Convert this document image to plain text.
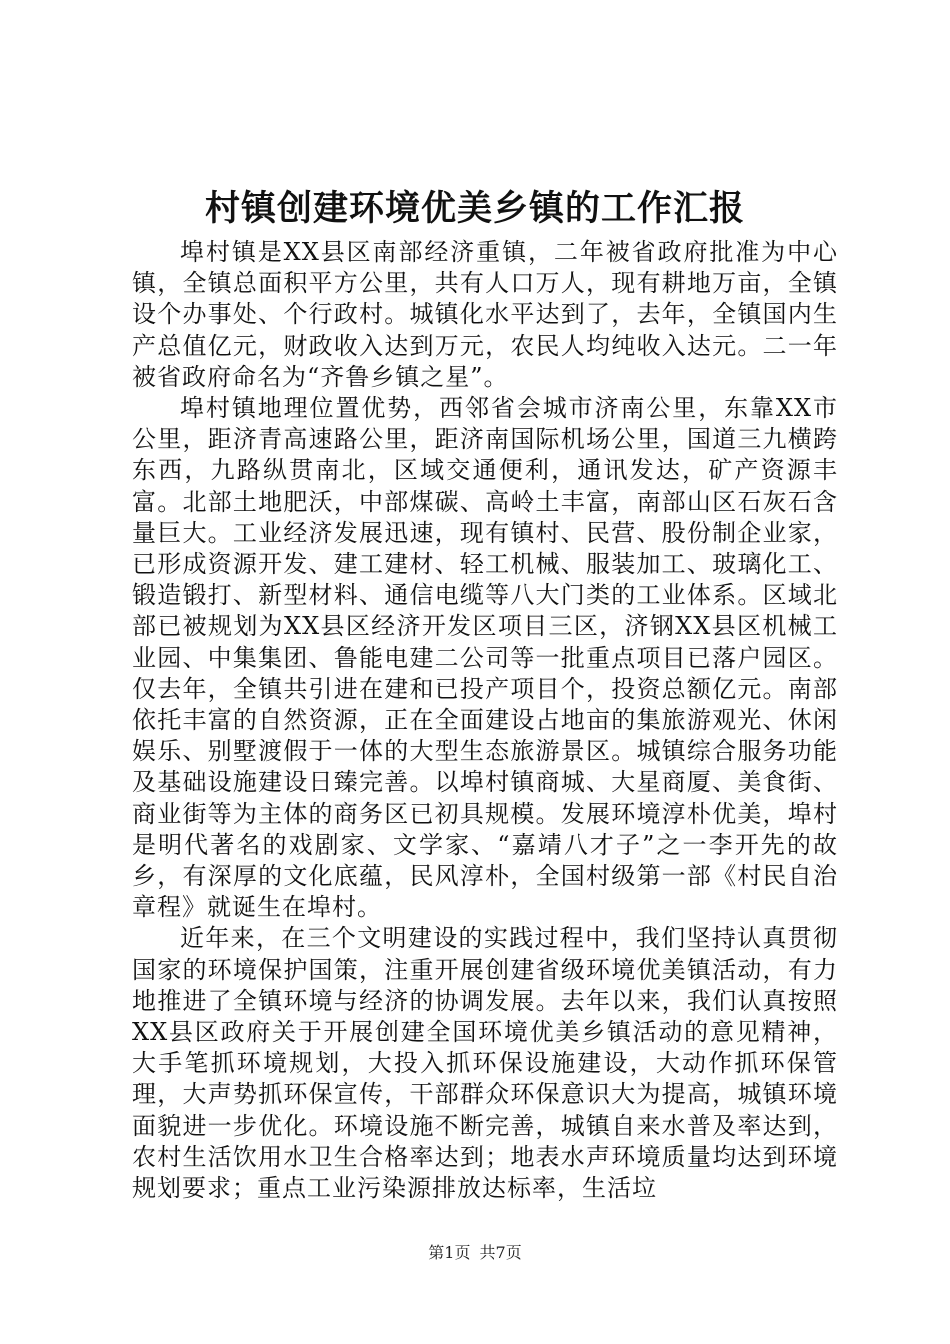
村镇创建环境优美乡镇的工作汇报

埠村镇是XX县区南部经济重镇，二年被省政府批准为中心镇，全镇总面积平方公里，共有人口万人，现有耕地万亩，全镇设个办事处、个行政村。城镇化水平达到了，去年，全镇国内生产总值亿元，财政收入达到万元，农民人均纯收入达元。二一年被省政府命名为“齐鲁乡镇之星”。

埠村镇地理位置优势，西邻省会城市济南公里，东靠XX市公里，距济青高速路公里，距济南国际机场公里，国道三九横跨东西，九路纵贯南北，区域交通便利，通讯发达，矿产资源丰富。北部土地肥沃，中部煤碳、高岭土丰富，南部山区石灰石含量巨大。工业经济发展迅速，现有镇村、民营、股份制企业家，已形成资源开发、建工建材、轻工机械、服装加工、玻璃化工、锻造锻打、新型材料、通信电缆等八大门类的工业体系。区域北部已被规划为XX县区经济开发区项目三区，济钢XX县区机械工业园、中集集团、鲁能电建二公司等一批重点项目已落户园区。仅去年，全镇共引进在建和已投产项目个，投资总额亿元。南部依托丰富的自然资源，正在全面建设占地亩的集旅游观光、休闲娱乐、别墅渡假于一体的大型生态旅游景区。城镇综合服务功能及基础设施建设日臻完善。以埠村镇商城、大星商厦、美食街、商业街等为主体的商务区已初具规模。发展环境淳朴优美，埠村是明代著名的戏剧家、文学家、“嘉靖八才子”之一李开先的故乡，有深厚的文化底蕴，民风淳朴，全国村级第一部《村民自治章程》就诞生在埠村。

近年来，在三个文明建设的实践过程中，我们坚持认真贯彻国家的环境保护国策，注重开展创建省级环境优美镇活动，有力地推进了全镇环境与经济的协调发展。去年以来，我们认真按照XX县区政府关于开展创建全国环境优美乡镇活动的意见精神，大手笔抓环境规划，大投入抓环保设施建设，大动作抓环保管理，大声势抓环保宣传，干部群众环保意识大为提高，城镇环境面貌进一步优化。环境设施不断完善，城镇自来水普及率达到，农村生活饮用水卫生合格率达到；地表水声环境质量均达到环境规划要求；重点工业污染源排放达标率，生活垃

第1页 共7页
